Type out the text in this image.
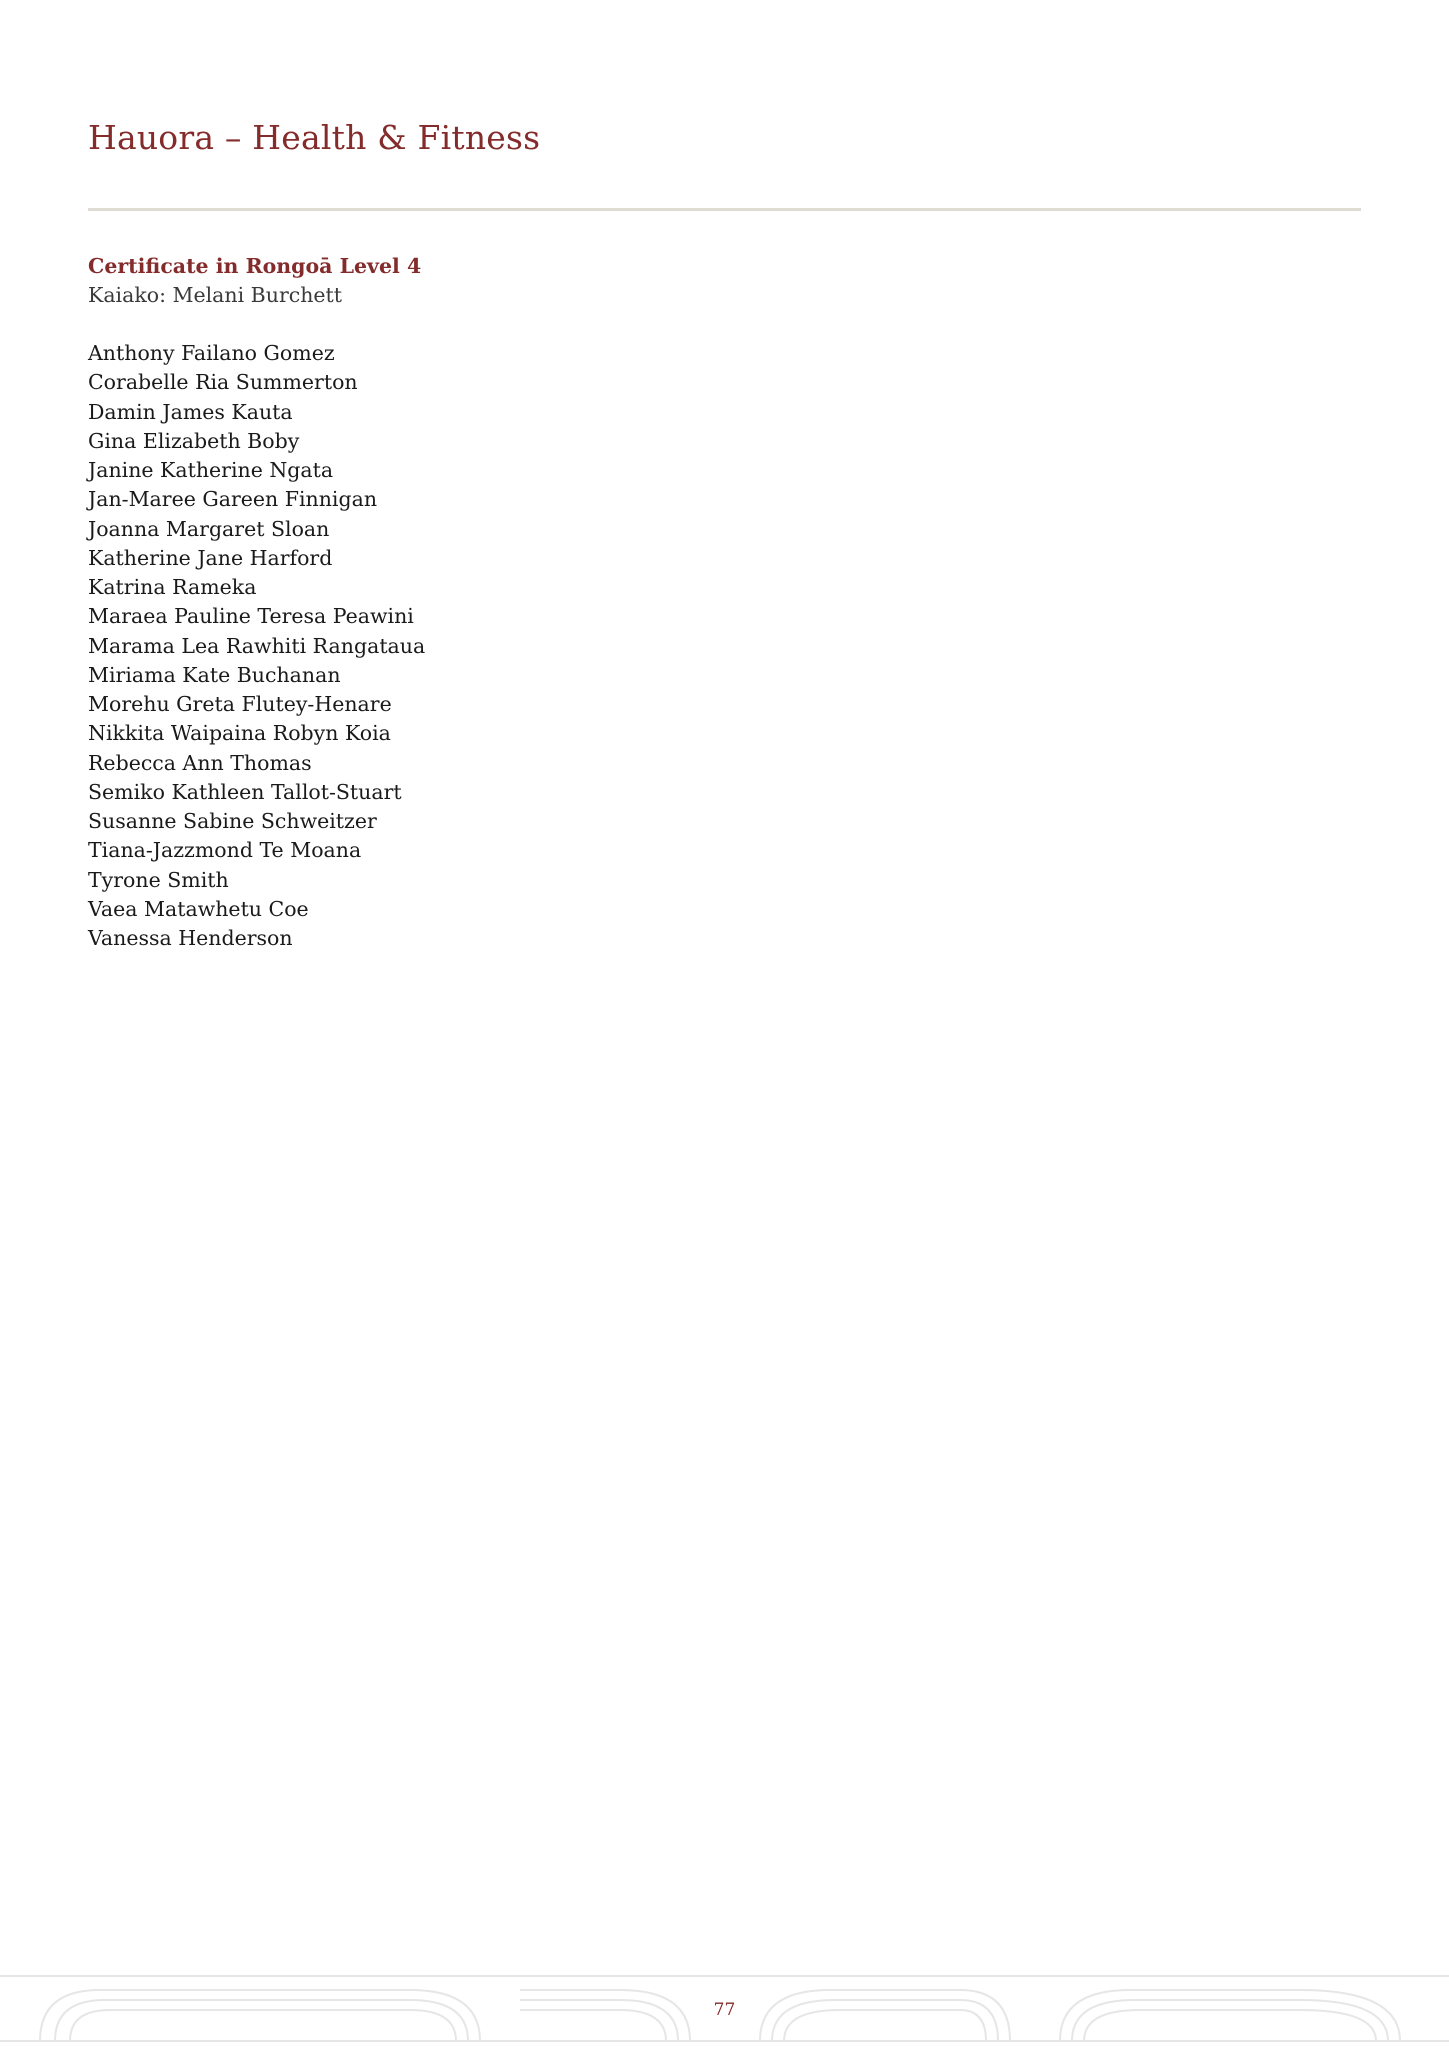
Hauora – Health & Fitness

Certificate in Rongoā Level 4

Kaiako: Melani Burchett

Anthony Failano Gomez
Corabelle Ria Summerton
Damin James Kauta
Gina Elizabeth Boby
Janine Katherine Ngata
Jan-Maree Gareen Finnigan
Joanna Margaret Sloan
Katherine Jane Harford
Katrina Rameka
Maraea Pauline Teresa Peawini
Marama Lea Rawhiti Rangataua
Miriama Kate Buchanan
Morehu Greta Flutey-Henare
Nikkita Waipaina Robyn Koia
Rebecca Ann Thomas
Semiko Kathleen Tallot-Stuart
Susanne Sabine Schweitzer
Tiana-Jazzmond Te Moana
Tyrone Smith
Vaea Matawhetu Coe
Vanessa Henderson
77
